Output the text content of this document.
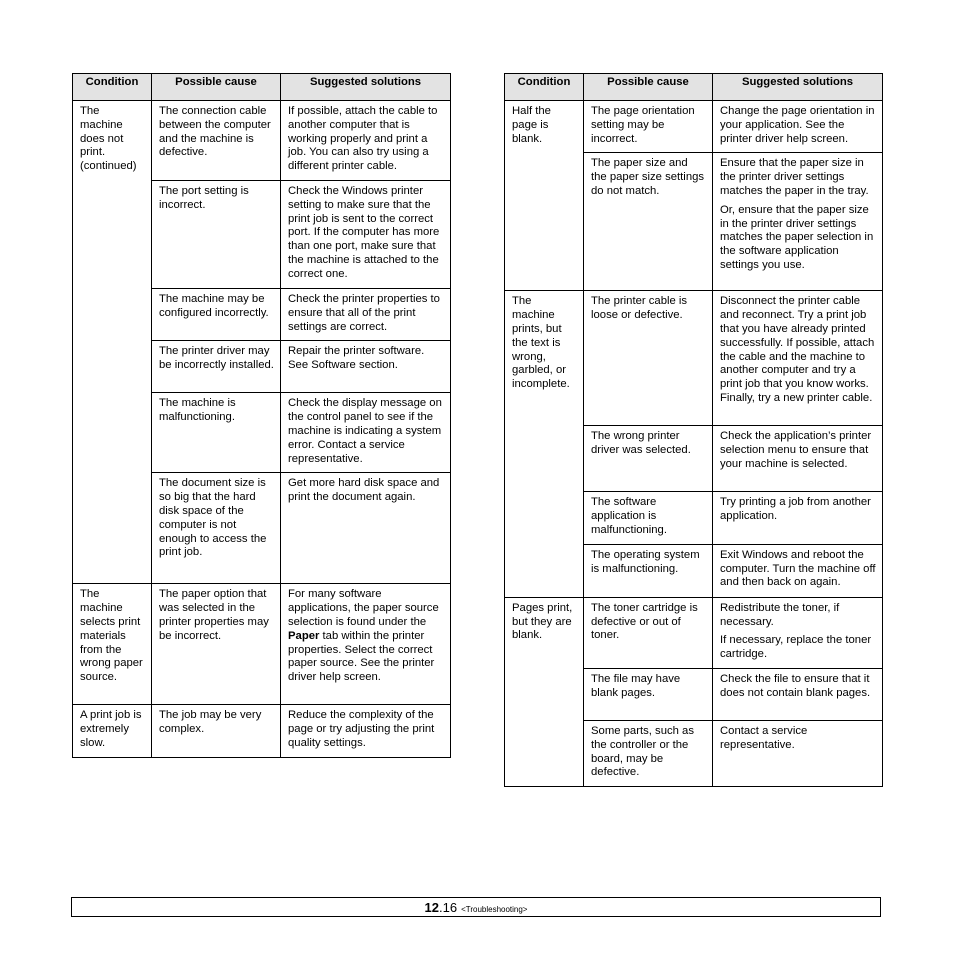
Condition	Possible cause	Suggested solutions

The machine does not print. (continued)	The connection cable between the computer and the machine is defective.	If possible, attach the cable to another computer that is working properly and print a job. You can also try using a different printer cable.

	The port setting is incorrect.	Check the Windows printer setting to make sure that the print job is sent to the correct port. If the computer has more than one port, make sure that the machine is attached to the correct one.

	The machine may be configured incorrectly.	Check the printer properties to ensure that all of the print settings are correct.

	The printer driver may be incorrectly installed.	Repair the printer software. See Software section.

	The machine is malfunctioning.	Check the display message on the control panel to see if the machine is indicating a system error. Contact a service representative.

	The document size is so big that the hard disk space of the computer is not enough to access the print job.	Get more hard disk space and print the document again.

The machine selects print materials from the wrong paper source.	The paper option that was selected in the printer properties may be incorrect.	For many software applications, the paper source selection is found under the Paper tab within the printer properties. Select the correct paper source. See the printer driver help screen.

A print job is extremely slow.	The job may be very complex.	Reduce the complexity of the page or try adjusting the print quality settings.

Condition	Possible cause	Suggested solutions

Half the page is blank.	The page orientation setting may be incorrect.	Change the page orientation in your application. See the printer driver help screen.

	The paper size and the paper size settings do not match.	Ensure that the paper size in the printer driver settings matches the paper in the tray.

Or, ensure that the paper size in the printer driver settings matches the paper selection in the software application settings you use.

The machine prints, but the text is wrong, garbled, or incomplete.	The printer cable is loose or defective.	Disconnect the printer cable and reconnect. Try a print job that you have already printed successfully. If possible, attach the cable and the machine to another computer and try a print job that you know works. Finally, try a new printer cable.

	The wrong printer driver was selected.	Check the application’s printer selection menu to ensure that your machine is selected.

	The software application is malfunctioning.	Try printing a job from another application.

	The operating system is malfunctioning.	Exit Windows and reboot the computer. Turn the machine off and then back on again.

Pages print, but they are blank.	The toner cartridge is defective or out of toner.	Redistribute the toner, if necessary.

If necessary, replace the toner cartridge.

	The file may have blank pages.	Check the file to ensure that it does not contain blank pages.

	Some parts, such as the controller or the board, may be defective.	Contact a service representative.

12.16 <Troubleshooting>
